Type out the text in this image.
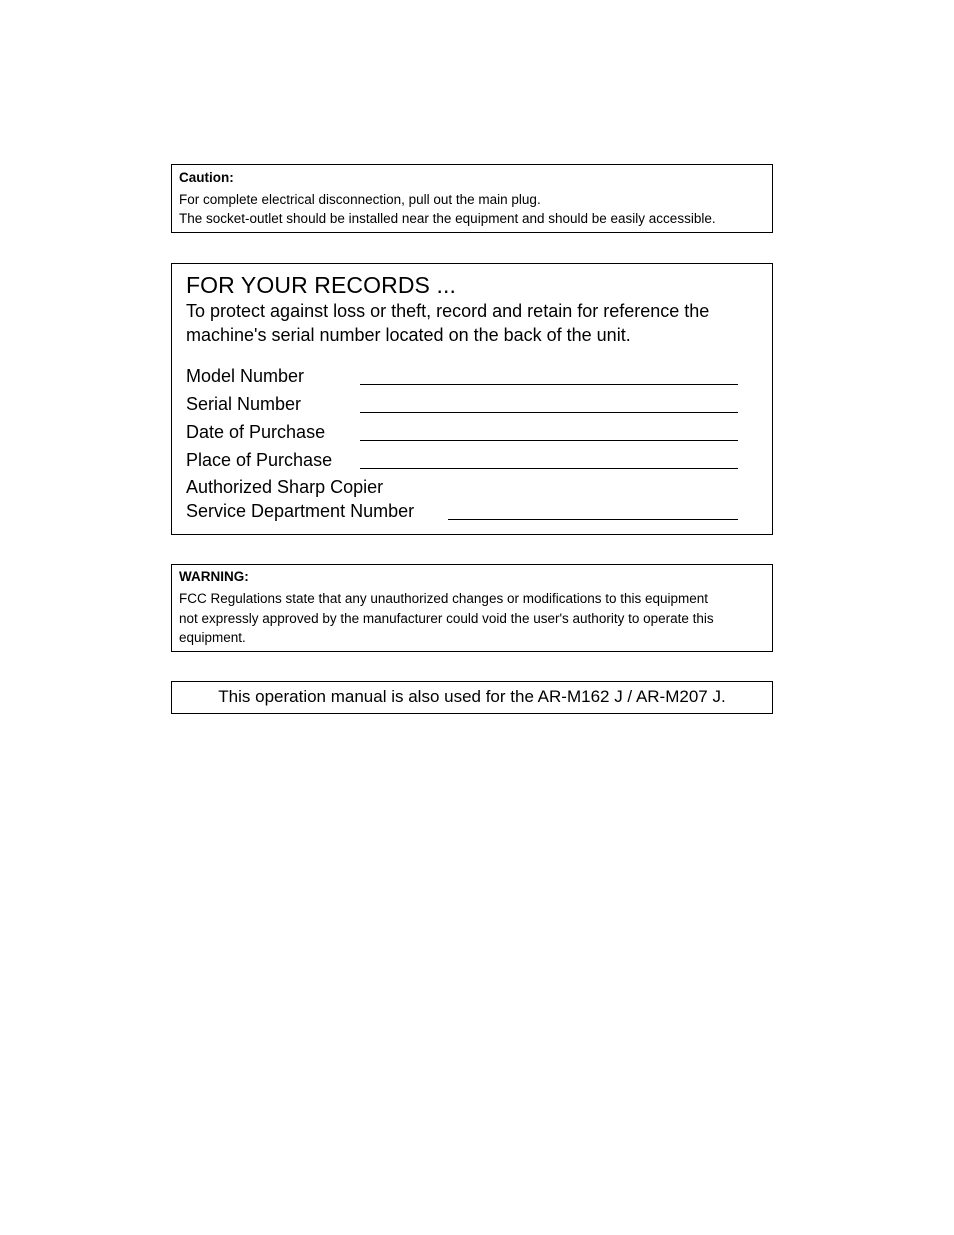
Caution:
For complete electrical disconnection, pull out the main plug.
The socket-outlet should be installed near the equipment and should be easily accessible.
FOR YOUR RECORDS ...
To protect against loss or theft, record and retain for reference the
machine's serial number located on the back of the unit.
Model Number
Serial Number
Date of Purchase
Place of Purchase
Authorized Sharp Copier
Service Department Number
WARNING:
FCC Regulations state that any unauthorized changes or modifications to this equipment
not expressly approved by the manufacturer could void the user's authority to operate this
equipment.
This operation manual is also used for the AR-M162 J / AR-M207 J.
